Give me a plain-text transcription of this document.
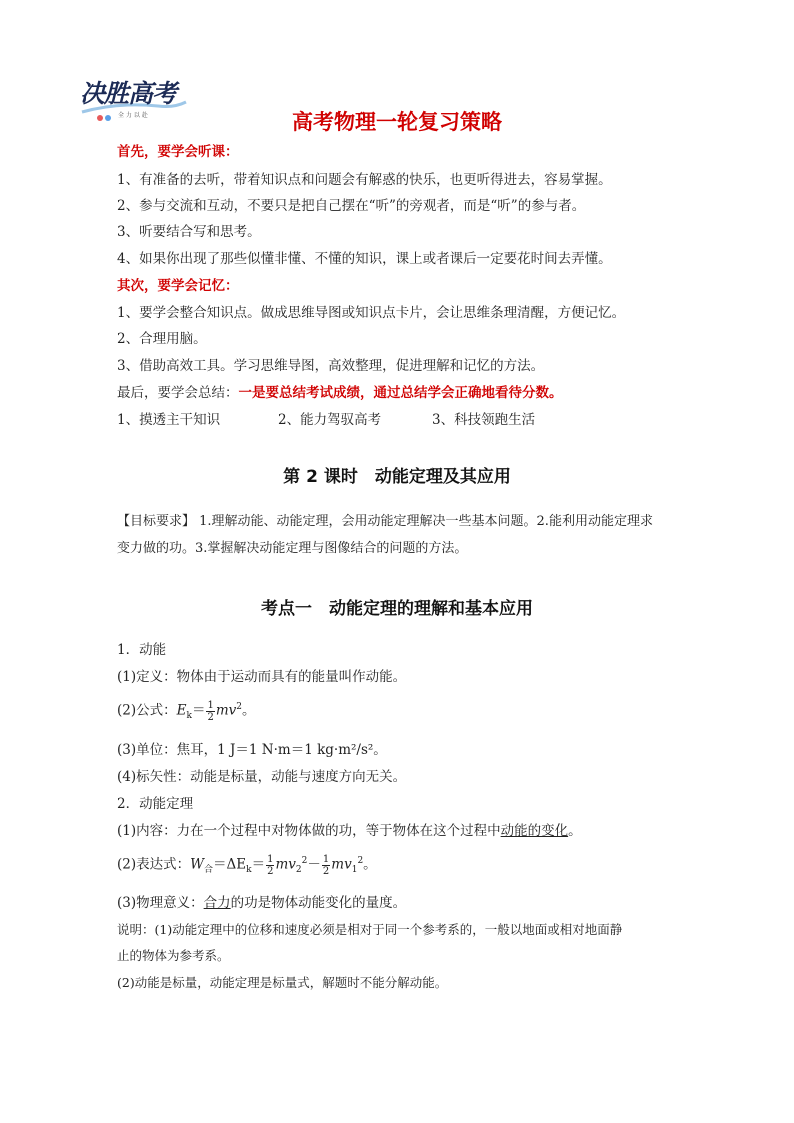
决胜高考
全 力 以 赴	高考物理一轮复习策略
首先，要学会听课：
1、有准备的去听，带着知识点和问题会有解惑的快乐，也更听得进去，容易掌握。
2、参与交流和互动，不要只是把自己摆在“听”的旁观者，而是“听”的参与者。
3、听要结合写和思考。
4、如果你出现了那些似懂非懂、不懂的知识，课上或者课后一定要花时间去弄懂。
其次，要学会记忆：
1、要学会整合知识点。做成思维导图或知识点卡片，会让思维条理清醒，方便记忆。
2、合理用脑。
3、借助高效工具。学习思维导图，高效整理，促进理解和记忆的方法。
最后，要学会总结：一是要总结考试成绩，通过总结学会正确地看待分数。
1、摸透主干知识	2、能力驾驭高考	3、科技领跑生活
第 2 课时　动能定理及其应用
【目标要求】 1.理解动能、动能定理，会用动能定理解决一些基本问题。2.能利用动能定理求
变力做的功。3.掌握解决动能定理与图像结合的问题的方法。
考点一　动能定理的理解和基本应用
1．动能
(1)定义：物体由于运动而具有的能量叫作动能。
(2)公式：$E_k= \frac{1}{2} mv^2$。
(3)单位：焦耳，1 J＝1 N·m＝1 kg·m²/s²。
(4)标矢性：动能是标量，动能与速度方向无关。
2．动能定理
(1)内容：力在一个过程中对物体做的功，等于物体在这个过程中动能的变化。
(2)表达式：$W_合=\Delta E_k= \frac{1}{2} mv_2^2- \frac{1}{2} mv_1^2$。
(3)物理意义：合力的功是物体动能变化的量度。
说明：(1)动能定理中的位移和速度必须是相对于同一个参考系的，一般以地面或相对地面静
止的物体为参考系。
(2)动能是标量，动能定理是标量式，解题时不能分解动能。
